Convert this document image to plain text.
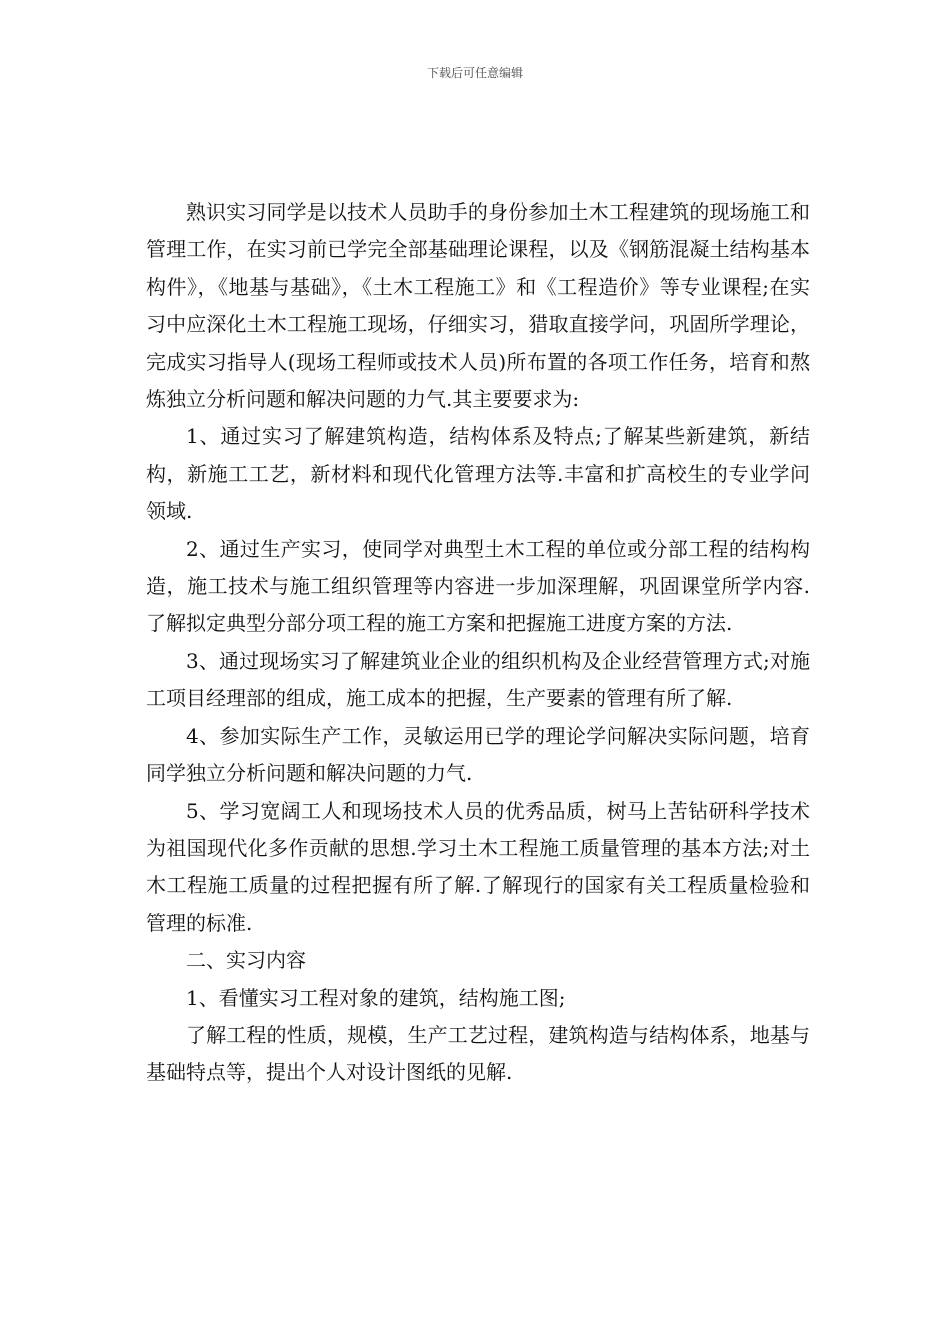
下载后可任意编辑

熟识实习同学是以技术人员助手的身份参加土木工程建筑的现场施工和管理工作，在实习前已学完全部基础理论课程，以及《钢筋混凝土结构基本构件》，《地基与基础》，《土木工程施工》和《工程造价》等专业课程;在实习中应深化土木工程施工现场，仔细实习，猎取直接学问，巩固所学理论，完成实习指导人(现场工程师或技术人员)所布置的各项工作任务，培育和熬炼独立分析问题和解决问题的力气.其主要要求为:

1、通过实习了解建筑构造，结构体系及特点;了解某些新建筑，新结构，新施工工艺，新材料和现代化管理方法等.丰富和扩高校生的专业学问领域.

2、通过生产实习，使同学对典型土木工程的单位或分部工程的结构构造，施工技术与施工组织管理等内容进一步加深理解，巩固课堂所学内容.了解拟定典型分部分项工程的施工方案和把握施工进度方案的方法.

3、通过现场实习了解建筑业企业的组织机构及企业经营管理方式;对施工项目经理部的组成，施工成本的把握，生产要素的管理有所了解.

4、参加实际生产工作，灵敏运用已学的理论学问解决实际问题，培育同学独立分析问题和解决问题的力气.

5、学习宽阔工人和现场技术人员的优秀品质，树马上苦钻研科学技术为祖国现代化多作贡献的思想.学习土木工程施工质量管理的基本方法;对土木工程施工质量的过程把握有所了解.了解现行的国家有关工程质量检验和管理的标准.

二、实习内容

1、看懂实习工程对象的建筑，结构施工图;

了解工程的性质，规模，生产工艺过程，建筑构造与结构体系，地基与基础特点等，提出个人对设计图纸的见解.
